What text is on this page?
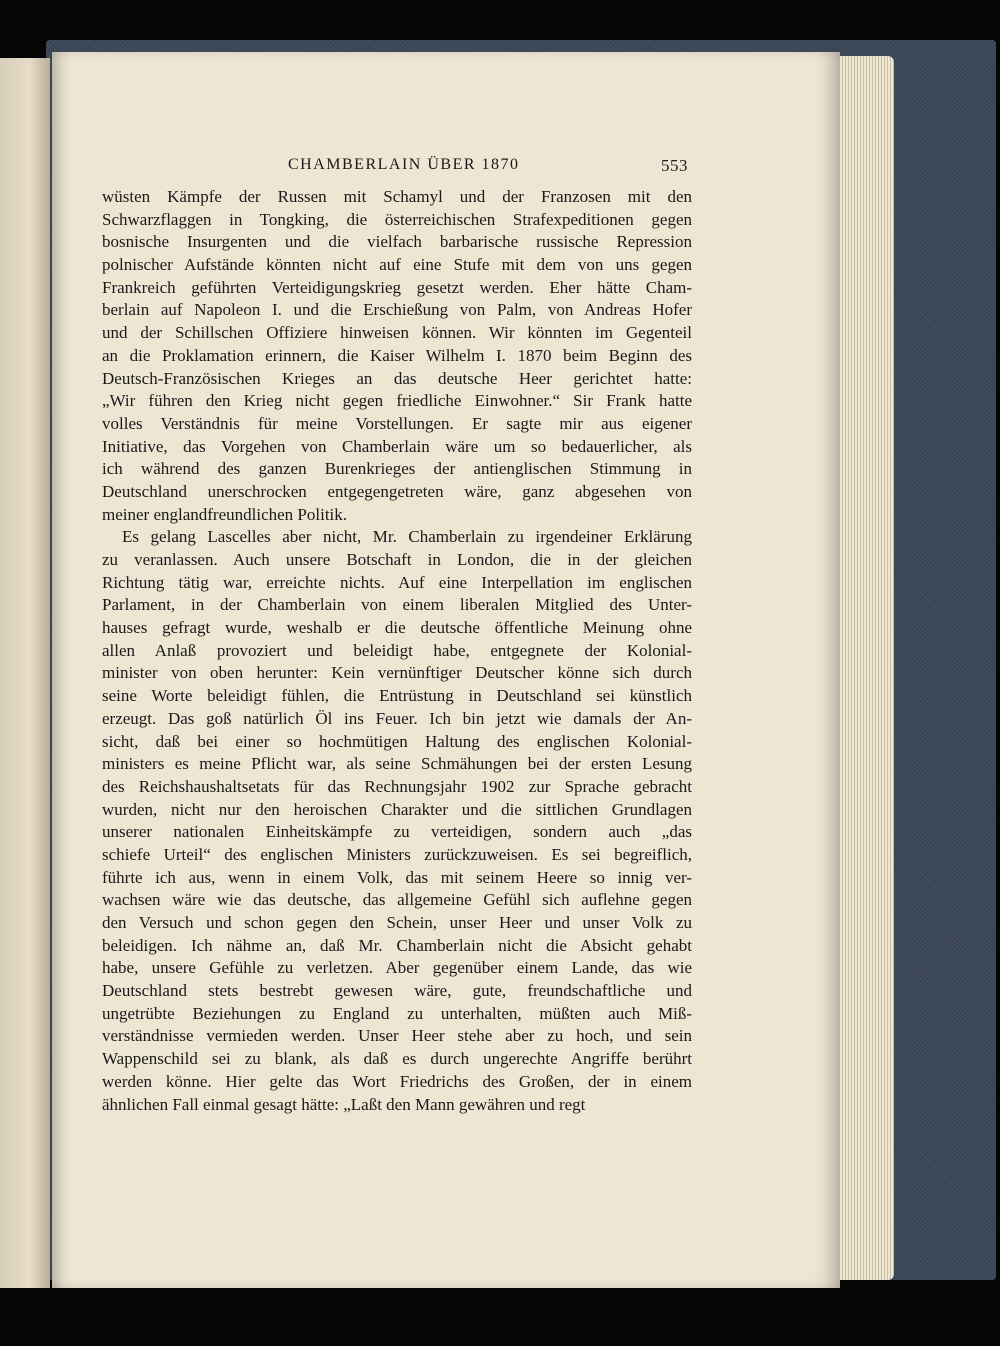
CHAMBERLAIN ÜBER 1870	553
wüsten Kämpfe der Russen mit Schamyl und der Franzosen mit den
Schwarzflaggen in Tongking, die österreichischen Strafexpeditionen gegen
bosnische Insurgenten und die vielfach barbarische russische Repression
polnischer Aufstände könnten nicht auf eine Stufe mit dem von uns gegen
Frankreich geführten Verteidigungskrieg gesetzt werden. Eher hätte Cham-
berlain auf Napoleon I. und die Erschießung von Palm, von Andreas Hofer
und der Schillschen Offiziere hinweisen können. Wir könnten im Gegenteil
an die Proklamation erinnern, die Kaiser Wilhelm I. 1870 beim Beginn des
Deutsch-Französischen Krieges an das deutsche Heer gerichtet hatte:
„Wir führen den Krieg nicht gegen friedliche Einwohner.“ Sir Frank hatte
volles Verständnis für meine Vorstellungen. Er sagte mir aus eigener
Initiative, das Vorgehen von Chamberlain wäre um so bedauerlicher, als
ich während des ganzen Burenkrieges der antienglischen Stimmung in
Deutschland unerschrocken entgegengetreten wäre, ganz abgesehen von
meiner englandfreundlichen Politik.
Es gelang Lascelles aber nicht, Mr. Chamberlain zu irgendeiner Erklärung
zu veranlassen. Auch unsere Botschaft in London, die in der gleichen
Richtung tätig war, erreichte nichts. Auf eine Interpellation im englischen
Parlament, in der Chamberlain von einem liberalen Mitglied des Unter-
hauses gefragt wurde, weshalb er die deutsche öffentliche Meinung ohne
allen Anlaß provoziert und beleidigt habe, entgegnete der Kolonial-
minister von oben herunter: Kein vernünftiger Deutscher könne sich durch
seine Worte beleidigt fühlen, die Entrüstung in Deutschland sei künstlich
erzeugt. Das goß natürlich Öl ins Feuer. Ich bin jetzt wie damals der An-
sicht, daß bei einer so hochmütigen Haltung des englischen Kolonial-
ministers es meine Pflicht war, als seine Schmähungen bei der ersten Lesung
des Reichshaushaltsetats für das Rechnungsjahr 1902 zur Sprache gebracht
wurden, nicht nur den heroischen Charakter und die sittlichen Grundlagen
unserer nationalen Einheitskämpfe zu verteidigen, sondern auch „das
schiefe Urteil“ des englischen Ministers zurückzuweisen. Es sei begreiflich,
führte ich aus, wenn in einem Volk, das mit seinem Heere so innig ver-
wachsen wäre wie das deutsche, das allgemeine Gefühl sich auflehne gegen
den Versuch und schon gegen den Schein, unser Heer und unser Volk zu
beleidigen. Ich nähme an, daß Mr. Chamberlain nicht die Absicht gehabt
habe, unsere Gefühle zu verletzen. Aber gegenüber einem Lande, das wie
Deutschland stets bestrebt gewesen wäre, gute, freundschaftliche und
ungetrübte Beziehungen zu England zu unterhalten, müßten auch Miß-
verständnisse vermieden werden. Unser Heer stehe aber zu hoch, und sein
Wappenschild sei zu blank, als daß es durch ungerechte Angriffe berührt
werden könne. Hier gelte das Wort Friedrichs des Großen, der in einem
ähnlichen Fall einmal gesagt hätte: „Laßt den Mann gewähren und regt
